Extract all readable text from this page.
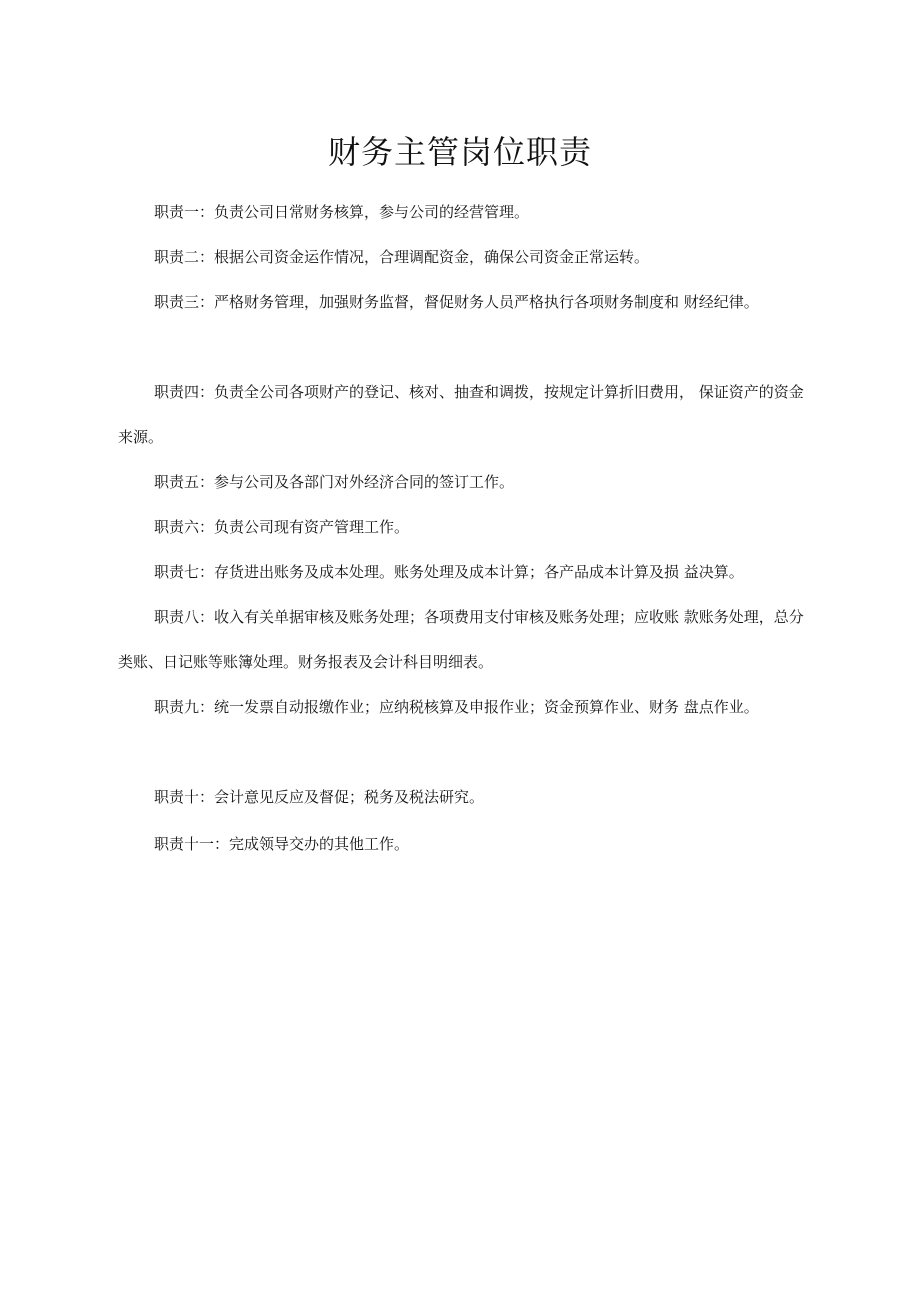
财务主管岗位职责

职责一：负责公司日常财务核算，参与公司的经营管理。

职责二：根据公司资金运作情况，合理调配资金，确保公司资金正常运转。

职责三：严格财务管理，加强财务监督，督促财务人员严格执行各项财务制度和 财经纪律。

职责四：负责全公司各项财产的登记、核对、抽查和调拨，按规定计算折旧费用， 保证资产的资金来源。

职责五：参与公司及各部门对外经济合同的签订工作。

职责六：负责公司现有资产管理工作。

职责七：存货进出账务及成本处理。账务处理及成本计算；各产品成本计算及损 益决算。

职责八：收入有关单据审核及账务处理；各项费用支付审核及账务处理；应收账 款账务处理，总分类账、日记账等账簿处理。财务报表及会计科目明细表。

职责九：统一发票自动报缴作业；应纳税核算及申报作业；资金预算作业、财务 盘点作业。

职责十：会计意见反应及督促；税务及税法研究。

职责十一：完成领导交办的其他工作。
